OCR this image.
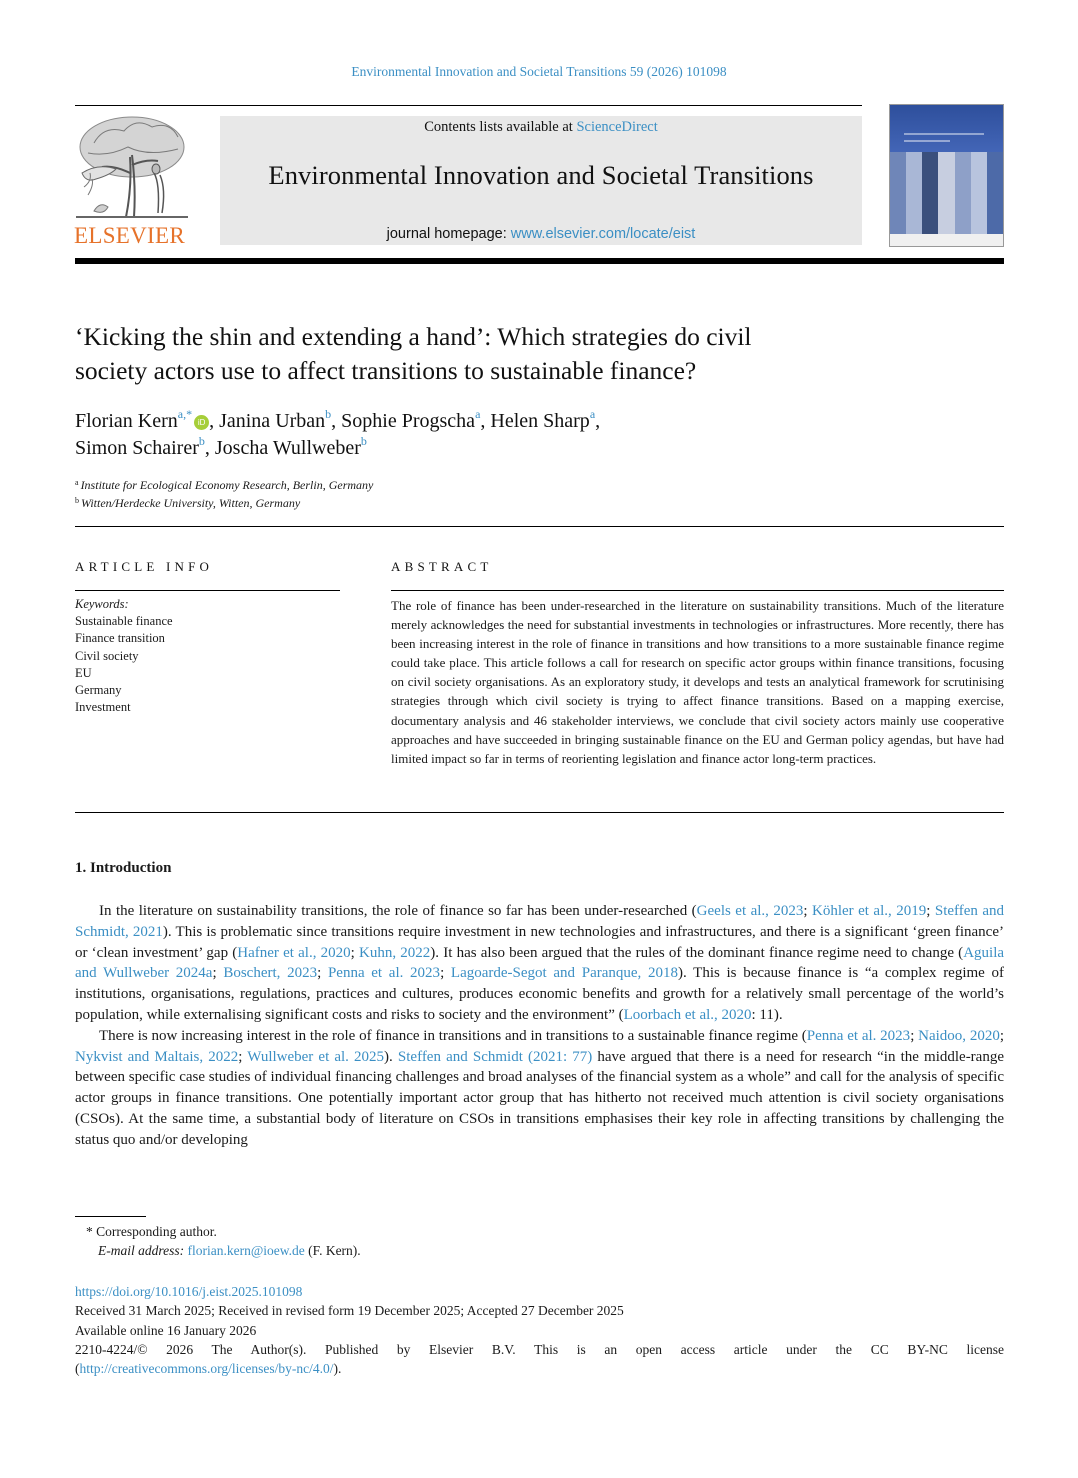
Environmental Innovation and Societal Transitions 59 (2026) 101098
ELSEVIER
Contents lists available at ScienceDirect
Environmental Innovation and Societal Transitions
journal homepage: www.elsevier.com/locate/eist
‘Kicking the shin and extending a hand’: Which strategies do civil
society actors use to affect transitions to sustainable finance?
Florian Kern$^{a,*}$iD , Janina Urban$^b$, Sophie Progscha$^a$, Helen Sharp$^a$,
Simon Schairer$^b$, Joscha Wullweber$^b$
$^a$ Institute for Ecological Economy Research, Berlin, Germany
$^b$ Witten/Herdecke University, Witten, Germany
ARTICLE INFO
Keywords:
Sustainable finance
Finance transition
Civil society
EU
Germany
Investment
ABSTRACT
The role of finance has been under-researched in the literature on sustainability transitions. Much of the literature merely acknowledges the need for substantial investments in technologies or infrastructures. More recently, there has been increasing interest in the role of finance in transitions and how transitions to a more sustainable finance regime could take place. This article follows a call for research on specific actor groups within finance transitions, focusing on civil society organisations. As an exploratory study, it develops and tests an analytical framework for scrutinising strategies through which civil society is trying to affect finance transitions. Based on a mapping exercise, documentary analysis and 46 stakeholder interviews, we conclude that civil society actors mainly use cooperative approaches and have succeeded in bringing sustainable finance on the EU and German policy agendas, but have had limited impact so far in terms of reorienting legislation and finance actor long-term practices.
1. Introduction

In the literature on sustainability transitions, the role of finance so far has been under-researched (Geels et al., 2023; Köhler et al., 2019; Steffen and Schmidt, 2021). This is problematic since transitions require investment in new technologies and infrastructures, and there is a significant ‘green finance’ or ‘clean investment’ gap (Hafner et al., 2020; Kuhn, 2022). It has also been argued that the rules of the dominant finance regime need to change (Aguila and Wullweber 2024a; Boschert, 2023; Penna et al. 2023; Lagoarde-Segot and Paranque, 2018). This is because finance is “a complex regime of institutions, organisations, regulations, practices and cultures, produces economic benefits and growth for a relatively small percentage of the world’s population, while externalising significant costs and risks to society and the environment” (Loorbach et al., 2020: 11).

There is now increasing interest in the role of finance in transitions and in transitions to a sustainable finance regime (Penna et al. 2023; Naidoo, 2020; Nykvist and Maltais, 2022; Wullweber et al. 2025). Steffen and Schmidt (2021: 77) have argued that there is a need for research “in the middle-range between specific case studies of individual financing challenges and broad analyses of the financial system as a whole” and call for the analysis of specific actor groups in finance transitions. One potentially important actor group that has hitherto not received much attention is civil society organisations (CSOs). At the same time, a substantial body of literature on CSOs in transitions emphasises their key role in affecting transitions by challenging the status quo and/or developing

* Corresponding author.
E-mail address: florian.kern@ioew.de (F. Kern).
https://doi.org/10.1016/j.eist.2025.101098
Received 31 March 2025; Received in revised form 19 December 2025; Accepted 27 December 2025
Available online 16 January 2026
2210-4224/© 2026 The Author(s). Published by Elsevier B.V. This is an open access article under the CC BY-NC license
(http://creativecommons.org/licenses/by-nc/4.0/).
